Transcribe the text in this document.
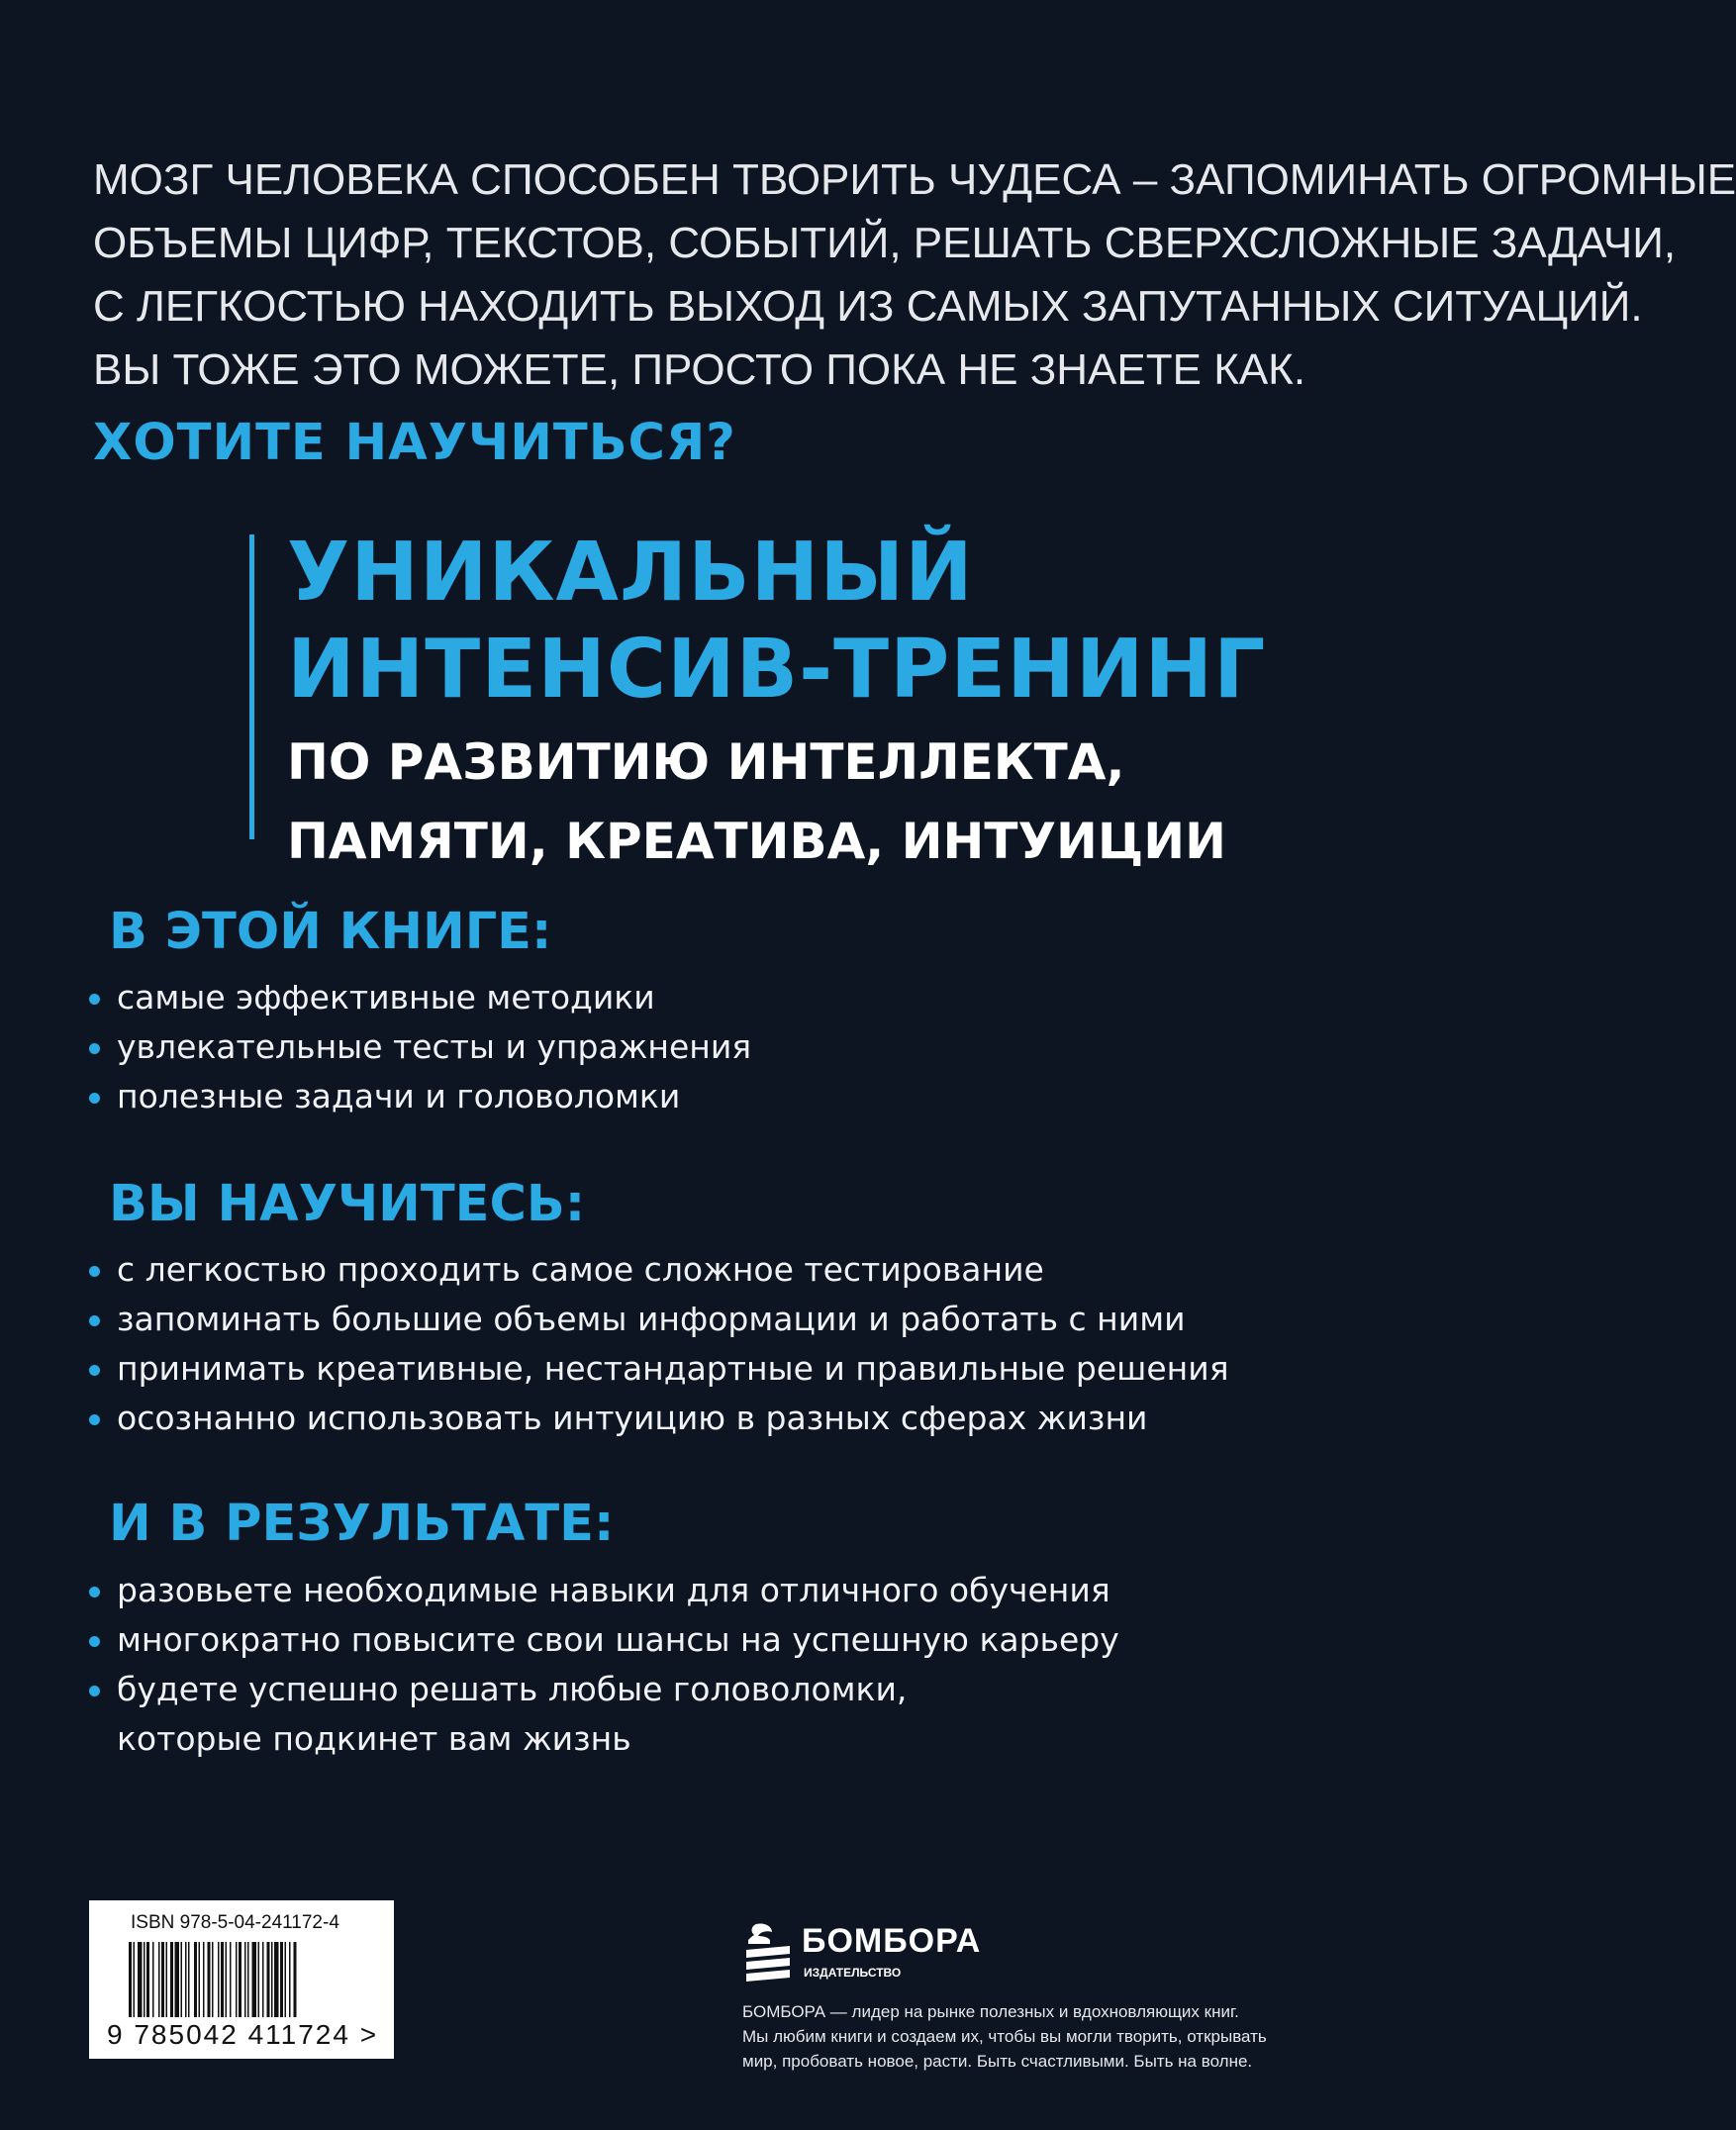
МОЗГ ЧЕЛОВЕКА СПОСОБЕН ТВОРИТЬ ЧУДЕСА – ЗАПОМИНАТЬ ОГРОМНЫЕ

ОБЪЕМЫ ЦИФР, ТЕКСТОВ, СОБЫТИЙ, РЕШАТЬ СВЕРХСЛОЖНЫЕ ЗАДАЧИ,

С ЛЕГКОСТЬЮ НАХОДИТЬ ВЫХОД ИЗ САМЫХ ЗАПУТАННЫХ СИТУАЦИЙ.

ВЫ ТОЖЕ ЭТО МОЖЕТЕ, ПРОСТО ПОКА НЕ ЗНАЕТЕ КАК.

ХОТИТЕ НАУЧИТЬСЯ?
УНИКАЛЬНЫЙ
ИНТЕНСИВ-ТРЕНИНГ
ПО РАЗВИТИЮ ИНТЕЛЛЕКТА,
ПАМЯТИ, КРЕАТИВА, ИНТУИЦИИ
В ЭТОЙ КНИГЕ:
самые эффективные методики
увлекательные тесты и упражнения
полезные задачи и головоломки
ВЫ НАУЧИТЕСЬ:
с легкостью проходить самое сложное тестирование
запоминать большие объемы информации и работать с ними
принимать креативные, нестандартные и правильные решения
осознанно использовать интуицию в разных сферах жизни
И В РЕЗУЛЬТАТЕ:
разовьете необходимые навыки для отличного обучения
многократно повысите свои шансы на успешную карьеру
будете успешно решать любые головоломки,
которые подкинет вам жизнь
ISBN 978-5-04-241172-4
9 785042 411724 >
БОМБОРА
ИЗДАТЕЛЬСТВО
БОМБОРА — лидер на рынке полезных и вдохновляющих книг.
Мы любим книги и создаем их, чтобы вы могли творить, открывать
мир, пробовать новое, расти. Быть счастливыми. Быть на волне.
